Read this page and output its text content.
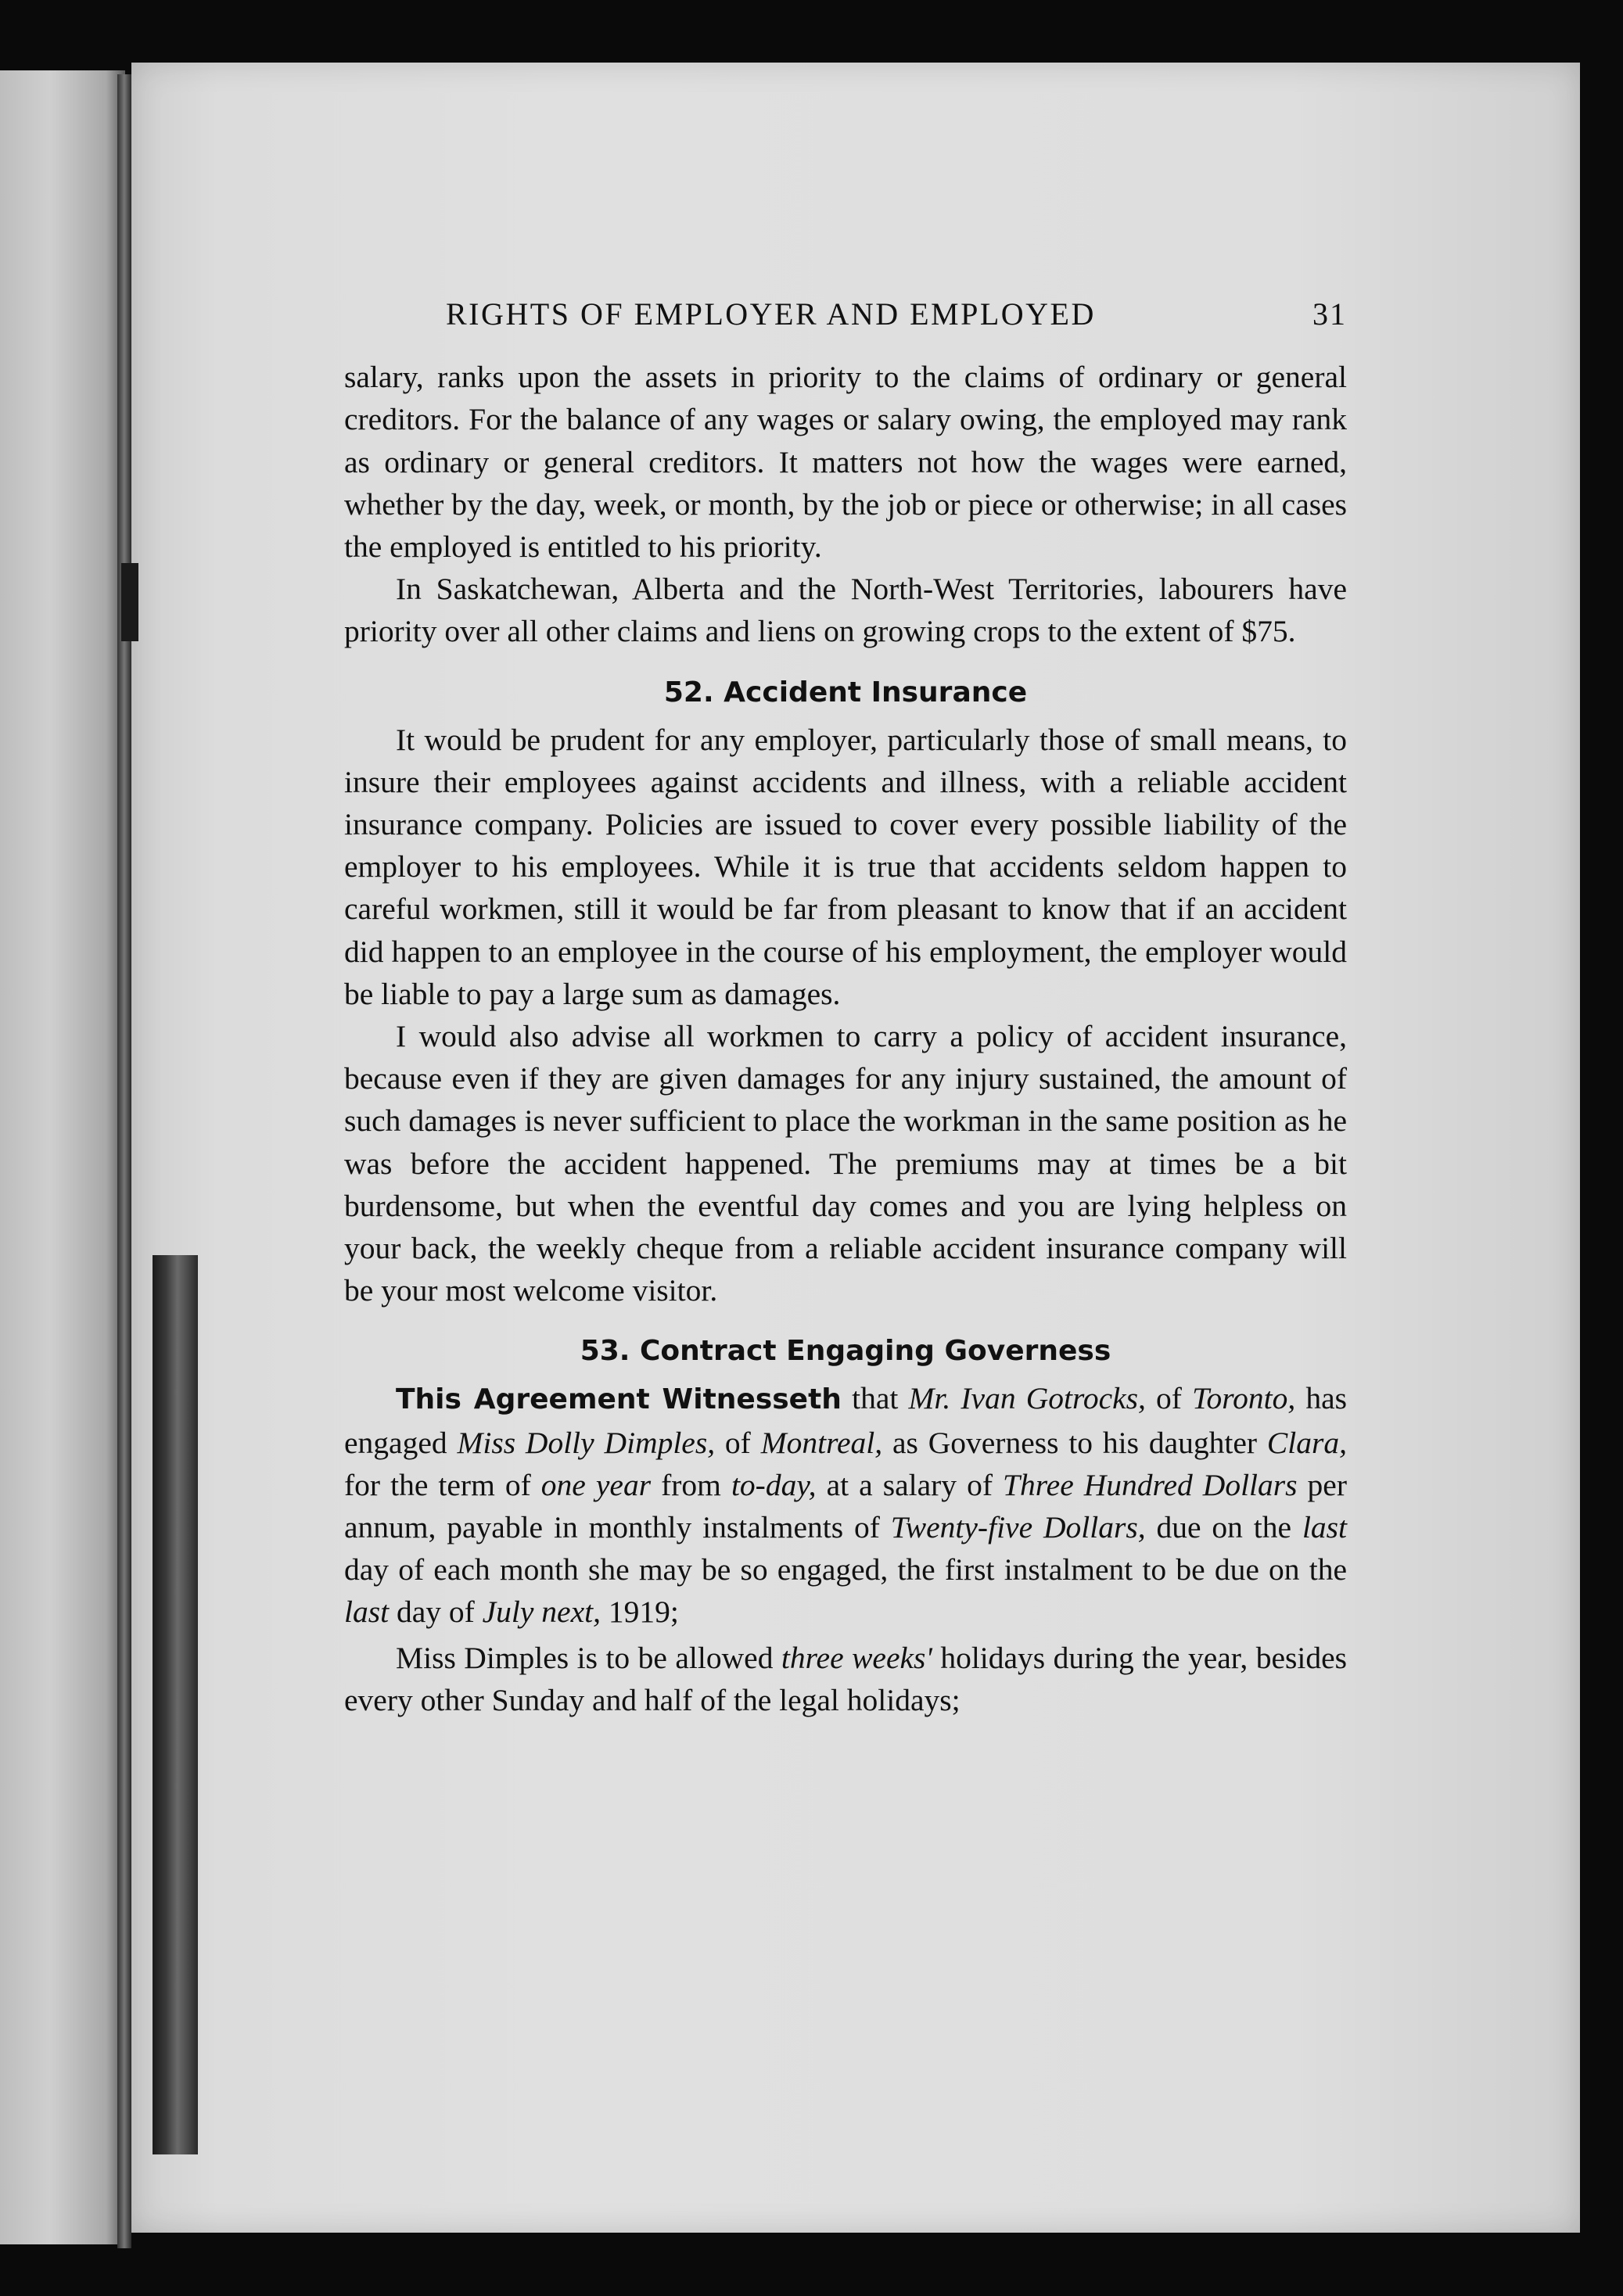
RIGHTS OF EMPLOYER AND EMPLOYED	31

salary, ranks upon the assets in priority to the claims of ordinary or general creditors. For the balance of any wages or salary owing, the employed may rank as ordinary or general creditors. It matters not how the wages were earned, whether by the day, week, or month, by the job or piece or otherwise; in all cases the employed is entitled to his priority.

In Saskatchewan, Alberta and the North-West Territories, labourers have priority over all other claims and liens on growing crops to the extent of $75.

52. Accident Insurance

It would be prudent for any employer, particularly those of small means, to insure their employees against accidents and illness, with a reliable accident insurance company. Policies are issued to cover every possible liability of the employer to his employees. While it is true that accidents seldom happen to careful workmen, still it would be far from pleasant to know that if an accident did happen to an employee in the course of his employment, the employer would be liable to pay a large sum as damages.

I would also advise all workmen to carry a policy of accident insurance, because even if they are given damages for any injury sustained, the amount of such damages is never sufficient to place the workman in the same position as he was before the accident happened. The premiums may at times be a bit burdensome, but when the eventful day comes and you are lying helpless on your back, the weekly cheque from a reliable accident insurance company will be your most welcome visitor.

53. Contract Engaging Governess

This Agreement Witnesseth that Mr. Ivan Gotrocks, of Toronto, has engaged Miss Dolly Dimples, of Montreal, as Governess to his daughter Clara, for the term of one year from to-day, at a salary of Three Hundred Dollars per annum, payable in monthly instalments of Twenty-five Dollars, due on the last day of each month she may be so engaged, the first instalment to be due on the last day of July next, 1919;

Miss Dimples is to be allowed three weeks' holidays during the year, besides every other Sunday and half of the legal holidays;
